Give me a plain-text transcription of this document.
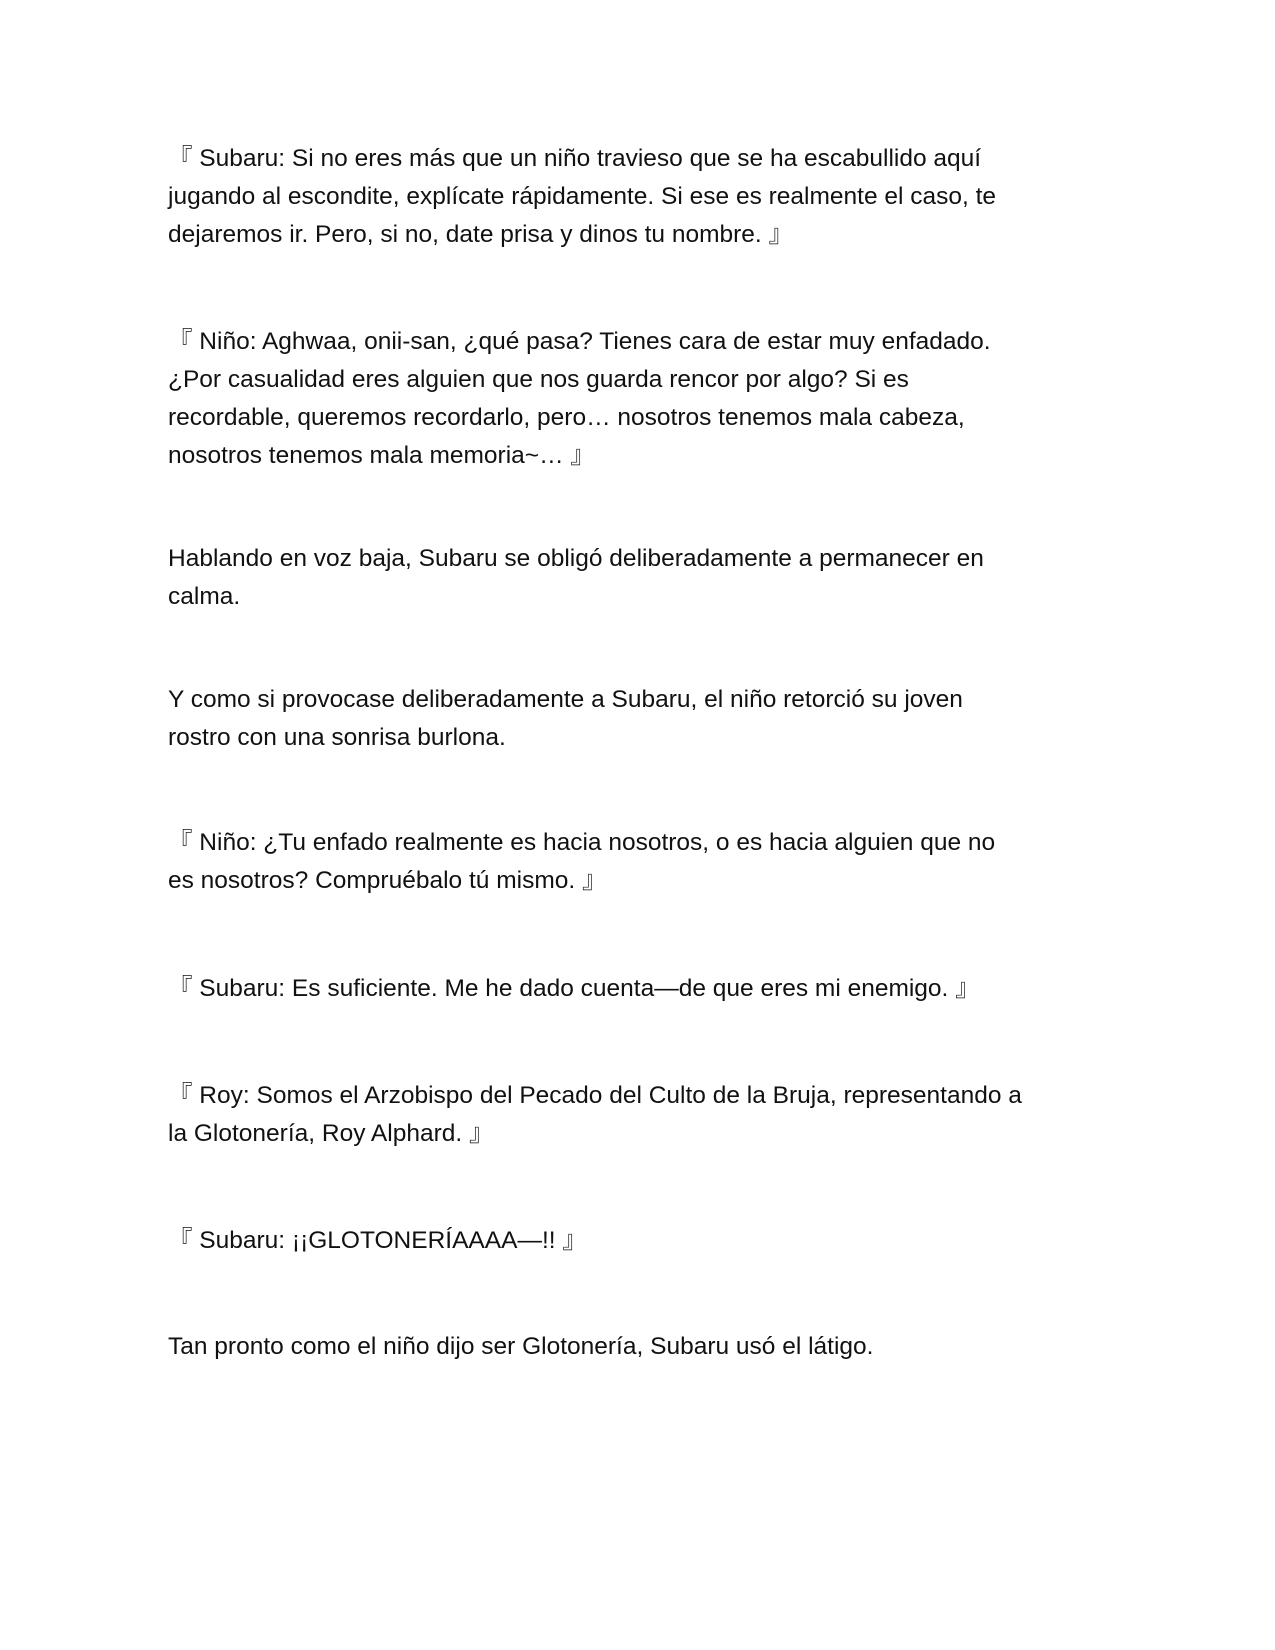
『 Subaru: Si no eres más que un niño travieso que se ha escabullido aquí
jugando al escondite, explícate rápidamente. Si ese es realmente el caso, te
dejaremos ir. Pero, si no, date prisa y dinos tu nombre. 』

『 Niño: Aghwaa, onii-san, ¿qué pasa? Tienes cara de estar muy enfadado.
¿Por casualidad eres alguien que nos guarda rencor por algo? Si es
recordable, queremos recordarlo, pero… nosotros tenemos mala cabeza,
nosotros tenemos mala memoria~… 』

Hablando en voz baja, Subaru se obligó deliberadamente a permanecer en
calma.

Y como si provocase deliberadamente a Subaru, el niño retorció su joven
rostro con una sonrisa burlona.

『 Niño: ¿Tu enfado realmente es hacia nosotros, o es hacia alguien que no
es nosotros? Compruébalo tú mismo. 』

『 Subaru: Es suficiente. Me he dado cuenta—de que eres mi enemigo. 』

『 Roy: Somos el Arzobispo del Pecado del Culto de la Bruja, representando a
la Glotonería, Roy Alphard. 』

『 Subaru: ¡¡GLOTONERÍAAAA—!! 』

Tan pronto como el niño dijo ser Glotonería, Subaru usó el látigo.
